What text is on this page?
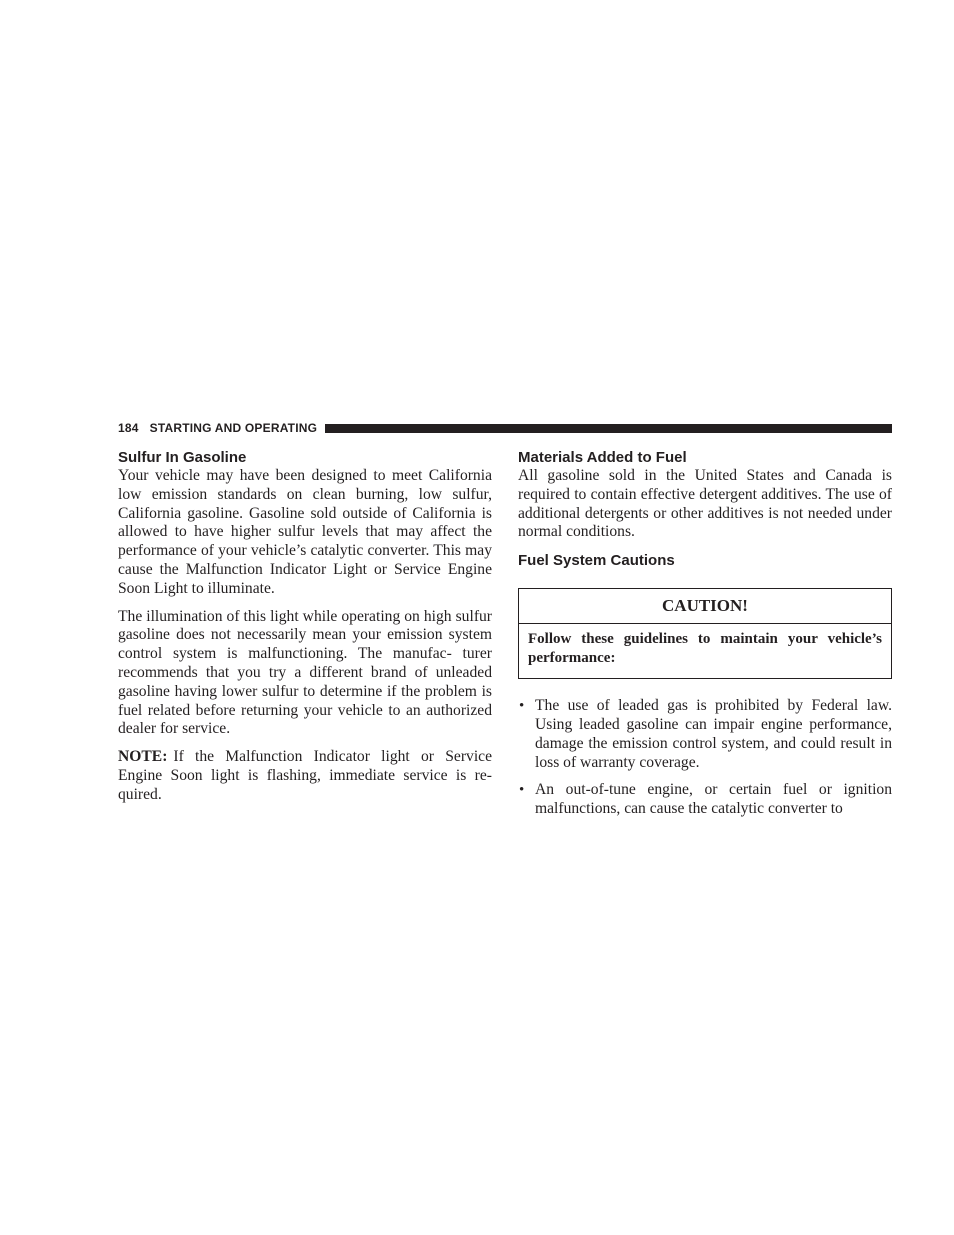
184 STARTING AND OPERATING
Sulfur In Gasoline

Your vehicle may have been designed to meet California low emission standards on clean burning, low sulfur, California gasoline. Gasoline sold outside of California is allowed to have higher sulfur levels that may affect the performance of your vehicle’s catalytic converter. This may cause the Malfunction Indicator Light or Service Engine Soon Light to illuminate.

The illumination of this light while operating on high sulfur gasoline does not necessarily mean your emission system control system is malfunctioning. The manufac- turer recommends that you try a different brand of unleaded gasoline having lower sulfur to determine if the problem is fuel related before returning your vehicle to an authorized dealer for service.

NOTE: If the Malfunction Indicator light or Service Engine Soon light is flashing, immediate service is re- quired.

Materials Added to Fuel

All gasoline sold in the United States and Canada is required to contain effective detergent additives. The use of additional detergents or other additives is not needed under normal conditions.

Fuel System Cautions
CAUTION!
Follow these guidelines to maintain your vehicle’s performance:
• The use of leaded gas is prohibited by Federal law. Using leaded gasoline can impair engine performance, damage the emission control system, and could result in loss of warranty coverage.

• An out-of-tune engine, or certain fuel or ignition malfunctions, can cause the catalytic converter to
